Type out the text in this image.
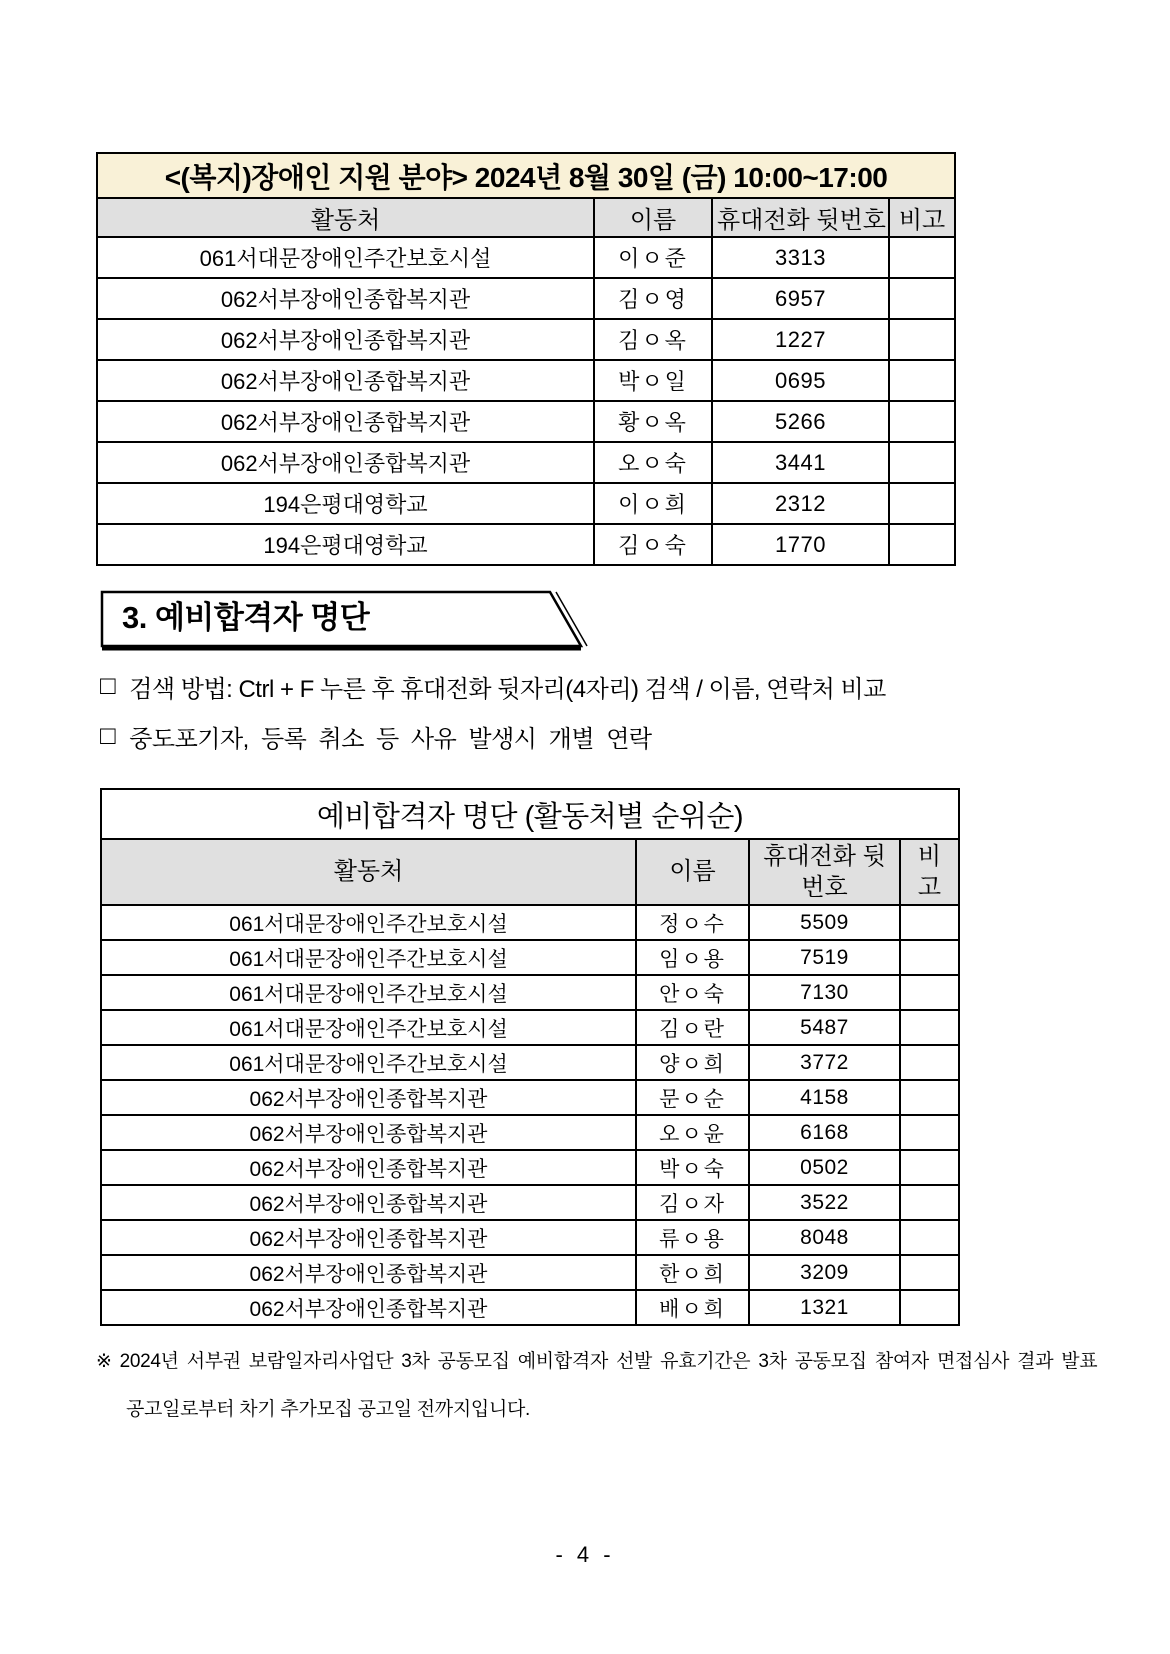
<(복지)장애인 지원 분야> 2024년 8월 30일 (금) 10:00~17:00			
활동처	이름	휴대전화 뒷번호	비고
061서대문장애인주간보호시설	이ㅇ준	3313	
062서부장애인종합복지관	김ㅇ영	6957	
062서부장애인종합복지관	김ㅇ옥	1227	
062서부장애인종합복지관	박ㅇ일	0695	
062서부장애인종합복지관	황ㅇ옥	5266	
062서부장애인종합복지관	오ㅇ숙	3441	
194은평대영학교	이ㅇ희	2312	
194은평대영학교	김ㅇ숙	1770	
3. 예비합격자 명단
□ 검색 방법: Ctrl + F 누른 후 휴대전화 뒷자리(4자리) 검색 / 이름, 연락처 비교
□ 중도포기자, 등록 취소 등 사유 발생시 개별 연락
예비합격자 명단 (활동처별 순위순)			
활동처	이름	휴대전화 뒷번호	비고
061서대문장애인주간보호시설	정ㅇ수	5509	
061서대문장애인주간보호시설	임ㅇ용	7519	
061서대문장애인주간보호시설	안ㅇ숙	7130	
061서대문장애인주간보호시설	김ㅇ란	5487	
061서대문장애인주간보호시설	양ㅇ희	3772	
062서부장애인종합복지관	문ㅇ순	4158	
062서부장애인종합복지관	오ㅇ윤	6168	
062서부장애인종합복지관	박ㅇ숙	0502	
062서부장애인종합복지관	김ㅇ자	3522	
062서부장애인종합복지관	류ㅇ용	8048	
062서부장애인종합복지관	한ㅇ희	3209	
062서부장애인종합복지관	배ㅇ희	1321	
※ 2024년 서부권 보람일자리사업단 3차 공동모집 예비합격자 선발 유효기간은 3차 공동모집 참여자 면접심사 결과 발표
공고일로부터 차기 추가모집 공고일 전까지입니다.
- 4 -
